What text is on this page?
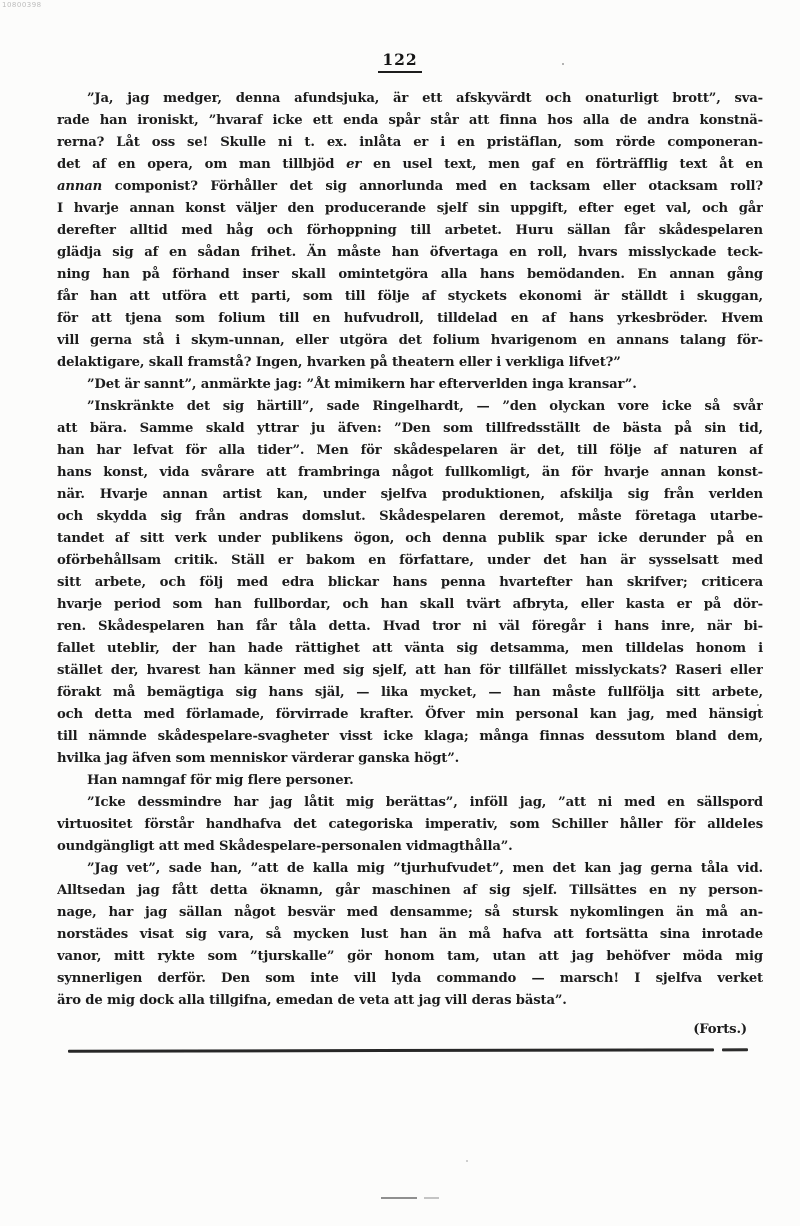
10800398
122
”Ja, jag medger, denna afundsjuka, är ett afskyvärdt och onaturligt brott”, sva-
rade han ironiskt, ”hvaraf icke ett enda spår står att finna hos alla de andra konstnä-
rerna? Låt oss se! Skulle ni t. ex. inlåta er i en pristäflan, som rörde componeran-
det af en opera, om man tillbjöd er en usel text, men gaf en förträfflig text åt en
annan componist? Förhåller det sig annorlunda med en tacksam eller otacksam roll?
I hvarje annan konst väljer den producerande sjelf sin uppgift, efter eget val, och går
derefter alltid med håg och förhoppning till arbetet. Huru sällan får skådespelaren
glädja sig af en sådan frihet. Än måste han öfvertaga en roll, hvars misslyckade teck-
ning han på förhand inser skall omintetgöra alla hans bemödanden. En annan gång
får han att utföra ett parti, som till följe af styckets ekonomi är ställdt i skuggan,
för att tjena som folium till en hufvudroll, tilldelad en af hans yrkesbröder. Hvem
vill gerna stå i skym-unnan, eller utgöra det folium hvarigenom en annans talang för-
delaktigare, skall framstå? Ingen, hvarken på theatern eller i verkliga lifvet?”
”Det är sannt”, anmärkte jag: ”Åt mimikern har efterverlden inga kransar”.
”Inskränkte det sig härtill”, sade Ringelhardt, — ”den olyckan vore icke så svår
att bära. Samme skald yttrar ju äfven: ”Den som tillfredsställt de bästa på sin tid,
han har lefvat för alla tider”. Men för skådespelaren är det, till följe af naturen af
hans konst, vida svårare att frambringa något fullkomligt, än för hvarje annan konst-
när. Hvarje annan artist kan, under sjelfva produktionen, afskilja sig från verlden
och skydda sig från andras domslut. Skådespelaren deremot, måste företaga utarbe-
tandet af sitt verk under publikens ögon, och denna publik spar icke derunder på en
oförbehållsam critik. Ställ er bakom en författare, under det han är sysselsatt med
sitt arbete, och följ med edra blickar hans penna hvartefter han skrifver; criticera
hvarje period som han fullbordar, och han skall tvärt afbryta, eller kasta er på dör-
ren. Skådespelaren han får tåla detta. Hvad tror ni väl föregår i hans inre, när bi-
fallet uteblir, der han hade rättighet att vänta sig detsamma, men tilldelas honom i
stället der, hvarest han känner med sig sjelf, att han för tillfället misslyckats? Raseri eller
förakt må bemägtiga sig hans själ, — lika mycket, — han måste fullfölja sitt arbete,
och detta med förlamade, förvirrade krafter. Öfver min personal kan jag, med hänsigt
till nämnde skådespelare-svagheter visst icke klaga; många finnas dessutom bland dem,
hvilka jag äfven som menniskor värderar ganska högt”.
Han namngaf för mig flere personer.
”Icke dessmindre har jag låtit mig berättas”, inföll jag, ”att ni med en sällspord
virtuositet förstår handhafva det categoriska imperativ, som Schiller håller för alldeles
oundgängligt att med Skådespelare-personalen vidmagthålla”.
”Jag vet”, sade han, ”att de kalla mig ”tjurhufvudet”, men det kan jag gerna tåla vid.
Alltsedan jag fått detta öknamn, går maschinen af sig sjelf. Tillsättes en ny person-
nage, har jag sällan något besvär med densamme; så stursk nykomlingen än må an-
norstädes visat sig vara, så mycken lust han än må hafva att fortsätta sina inrotade
vanor, mitt rykte som ”tjurskalle” gör honom tam, utan att jag behöfver möda mig
synnerligen derför. Den som inte vill lyda commando — marsch! I sjelfva verket
äro de mig dock alla tillgifna, emedan de veta att jag vill deras bästa”.
(Forts.)
